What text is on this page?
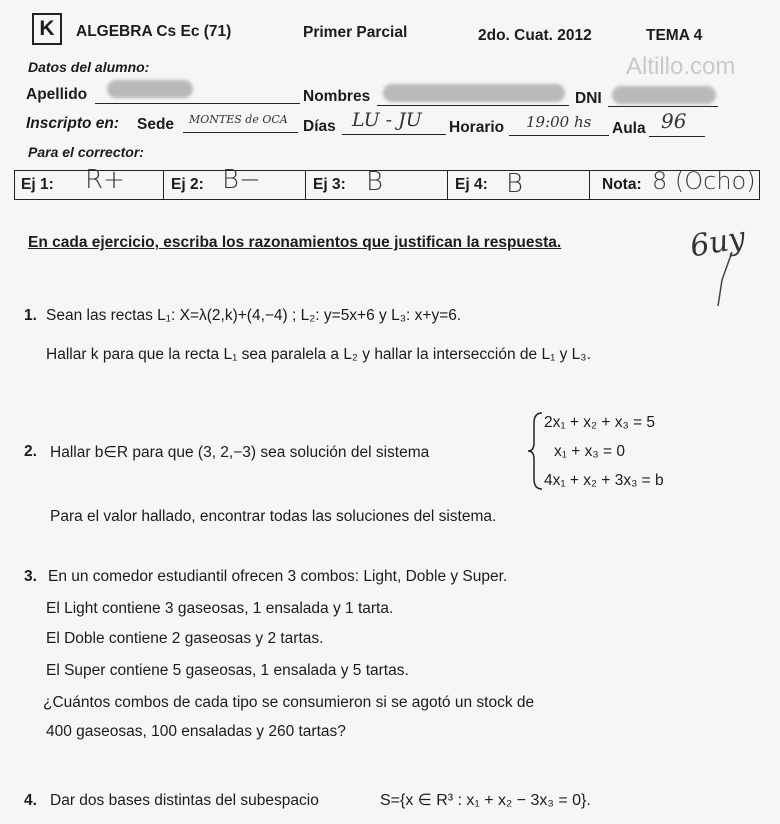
K	ALGEBRA Cs Ec (71)	Primer Parcial	2do. Cuat. 2012	TEMA 4
Altillo.com
Datos del alumno:
Apellido	Nombres	DNI
Inscripto en: Sede MONTES de OCA Días LU - JU Horario 19:00 hs Aula 96
Para el corrector:
Ej 1: R+	Ej 2: B−	Ej 3: B	Ej 4: B	Nota: 8 (Ocho)
6uy
En cada ejercicio, escriba los razonamientos que justifican la respuesta.
1. Sean las rectas L₁: X=λ(2,k)+(4,−4) ; L₂: y=5x+6 y L₃: x+y=6.
Hallar k para que la recta L₁ sea paralela a L₂ y hallar la intersección de L₁ y L₃.
2. Hallar b∈R para que (3, 2,−3) sea solución del sistema
2x₁ + x₂ + x₃ = 5
x₁ + x₃ = 0
4x₁ + x₂ + 3x₃ = b
Para el valor hallado, encontrar todas las soluciones del sistema.
3. En un comedor estudiantil ofrecen 3 combos: Light, Doble y Super.
El Light contiene 3 gaseosas, 1 ensalada y 1 tarta.
El Doble contiene 2 gaseosas y 2 tartas.
El Super contiene 5 gaseosas, 1 ensalada y 5 tartas.
¿Cuántos combos de cada tipo se consumieron si se agotó un stock de
400 gaseosas, 100 ensaladas y 260 tartas?
4. Dar dos bases distintas del subespacio	S={x ∈ R³ : x₁ + x₂ − 3x₃ = 0}.
